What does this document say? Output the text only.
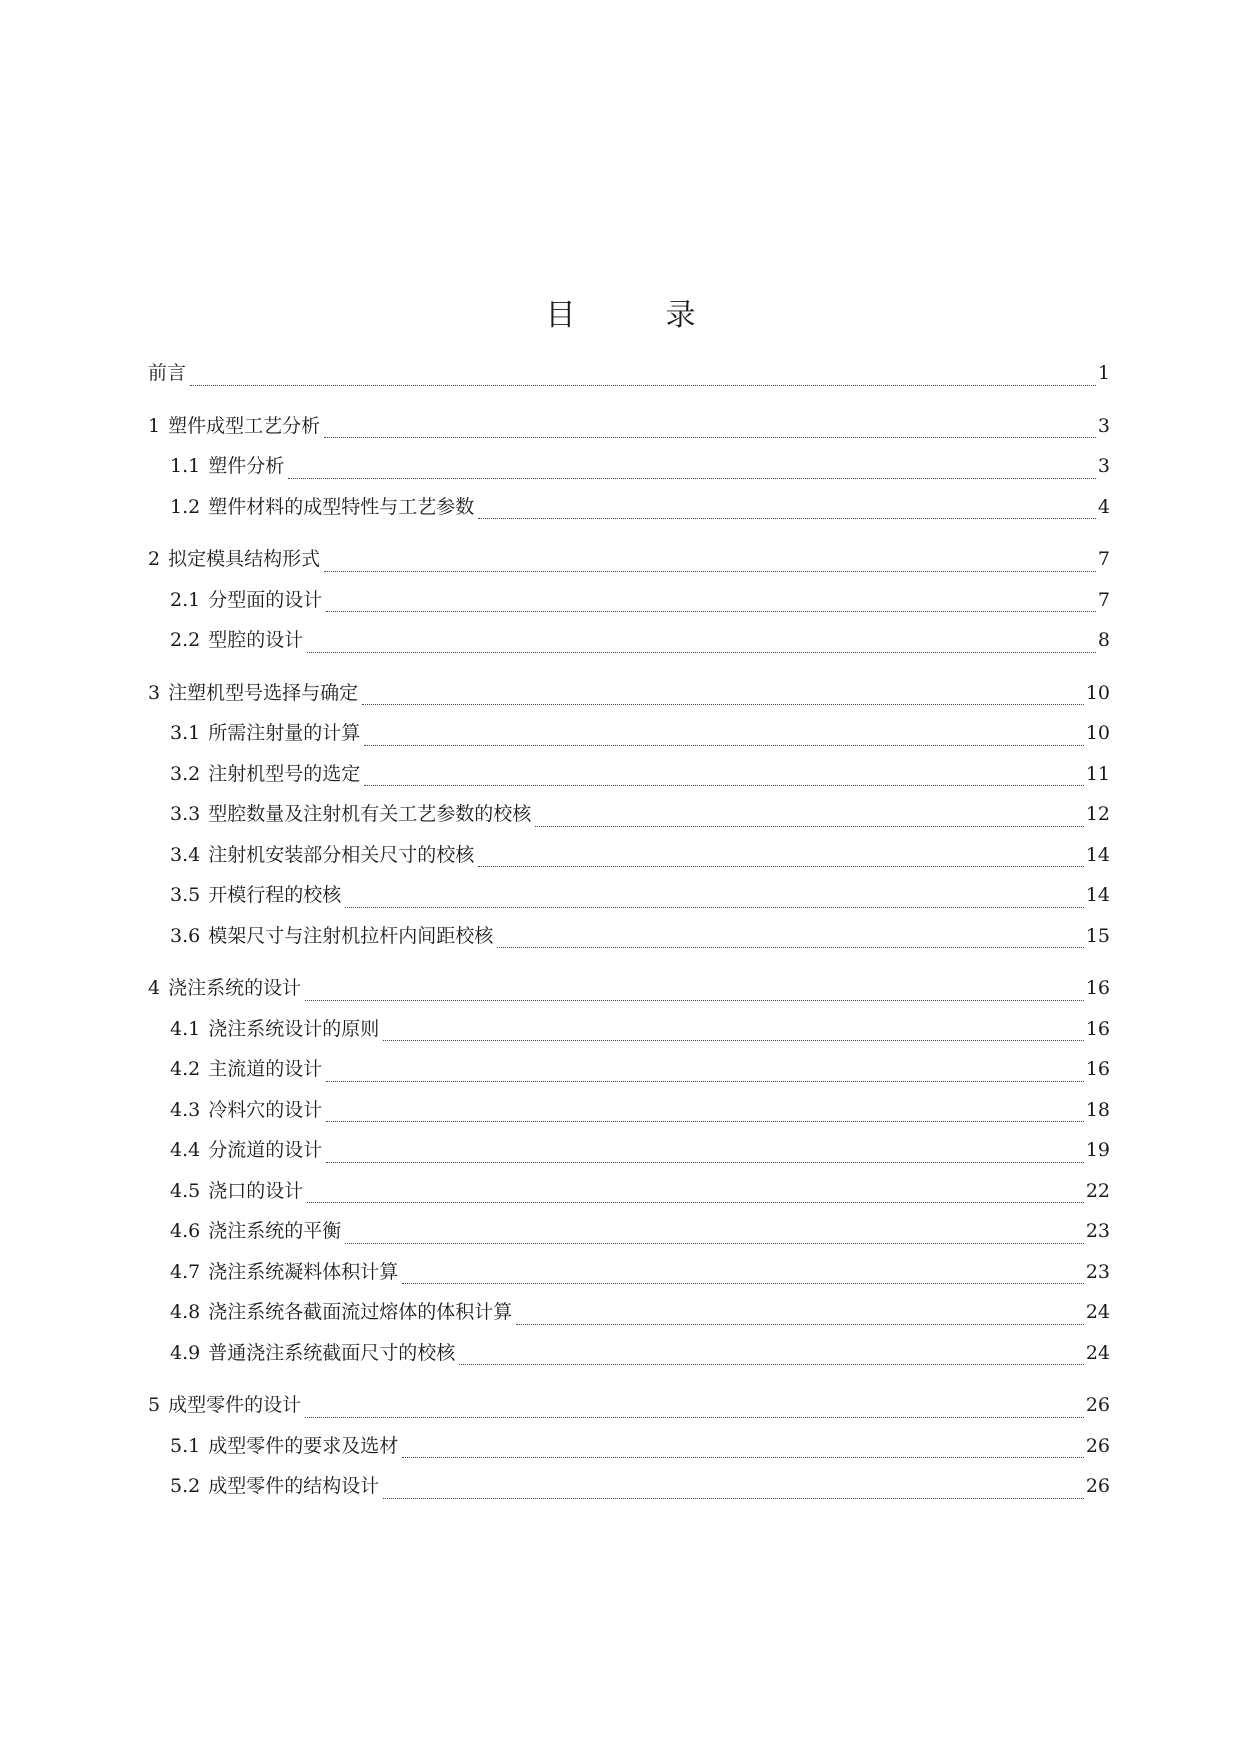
目　录
前言	1
1 塑件成型工艺分析	3
1.1 塑件分析	3
1.2 塑件材料的成型特性与工艺参数	4
2 拟定模具结构形式	7
2.1 分型面的设计	7
2.2 型腔的设计	8
3 注塑机型号选择与确定	10
3.1 所需注射量的计算	10
3.2 注射机型号的选定	11
3.3 型腔数量及注射机有关工艺参数的校核	12
3.4 注射机安装部分相关尺寸的校核	14
3.5 开模行程的校核	14
3.6 模架尺寸与注射机拉杆内间距校核	15
4 浇注系统的设计	16
4.1 浇注系统设计的原则	16
4.2 主流道的设计	16
4.3 冷料穴的设计	18
4.4 分流道的设计	19
4.5 浇口的设计	22
4.6 浇注系统的平衡	23
4.7 浇注系统凝料体积计算	23
4.8 浇注系统各截面流过熔体的体积计算	24
4.9 普通浇注系统截面尺寸的校核	24
5 成型零件的设计	26
5.1 成型零件的要求及选材	26
5.2 成型零件的结构设计	26
